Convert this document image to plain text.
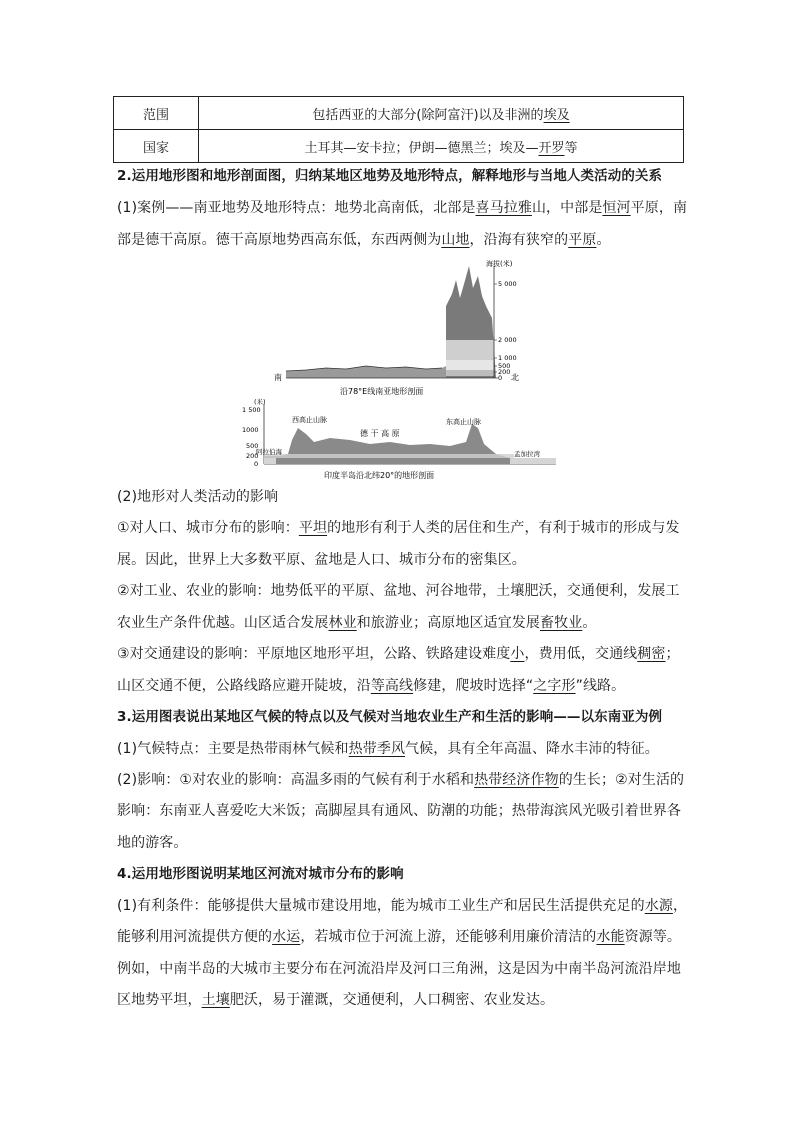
范围	包括西亚的大部分(除阿富汗)以及非洲的埃及
国家	土耳其—安卡拉；伊朗—德黑兰；埃及—开罗等
2.运用地形图和地形剖面图，归纳某地区地势及地形特点，解释地形与当地人类活动的关系
(1)案例——南亚地势及地形特点：地势北高南低，北部是喜马拉雅山，中部是恒河平原，南
部是德干高原。德干高原地势西高东低，东西两侧为山地，沿海有狭窄的平原。
海拔(米)
5 000
2 000
1 000
500
200
0
南	北
沿78°E线南亚地形剖面
(米)
1 500
1000
500
200
0
阿拉伯海	孟加拉湾
西高止山脉	东高止山脉
德 干 高 原
印度半岛沿北纬20°的地形剖面
(2)地形对人类活动的影响
①对人口、城市分布的影响：平坦的地形有利于人类的居住和生产，有利于城市的形成与发
展。因此，世界上大多数平原、盆地是人口、城市分布的密集区。
②对工业、农业的影响：地势低平的平原、盆地、河谷地带，土壤肥沃，交通便利，发展工
农业生产条件优越。山区适合发展林业和旅游业；高原地区适宜发展畜牧业。
③对交通建设的影响：平原地区地形平坦，公路、铁路建设难度小，费用低，交通线稠密；
山区交通不便，公路线路应避开陡坡，沿等高线修建，爬坡时选择“之字形”线路。
3.运用图表说出某地区气候的特点以及气候对当地农业生产和生活的影响——以东南亚为例
(1)气候特点：主要是热带雨林气候和热带季风气候，具有全年高温、降水丰沛的特征。
(2)影响：①对农业的影响：高温多雨的气候有利于水稻和热带经济作物的生长；②对生活的
影响：东南亚人喜爱吃大米饭；高脚屋具有通风、防潮的功能；热带海滨风光吸引着世界各
地的游客。
4.运用地形图说明某地区河流对城市分布的影响
(1)有利条件：能够提供大量城市建设用地，能为城市工业生产和居民生活提供充足的水源，
能够利用河流提供方便的水运，若城市位于河流上游，还能够利用廉价清洁的水能资源等。
例如，中南半岛的大城市主要分布在河流沿岸及河口三角洲，这是因为中南半岛河流沿岸地
区地势平坦，土壤肥沃，易于灌溉，交通便利，人口稠密、农业发达。
